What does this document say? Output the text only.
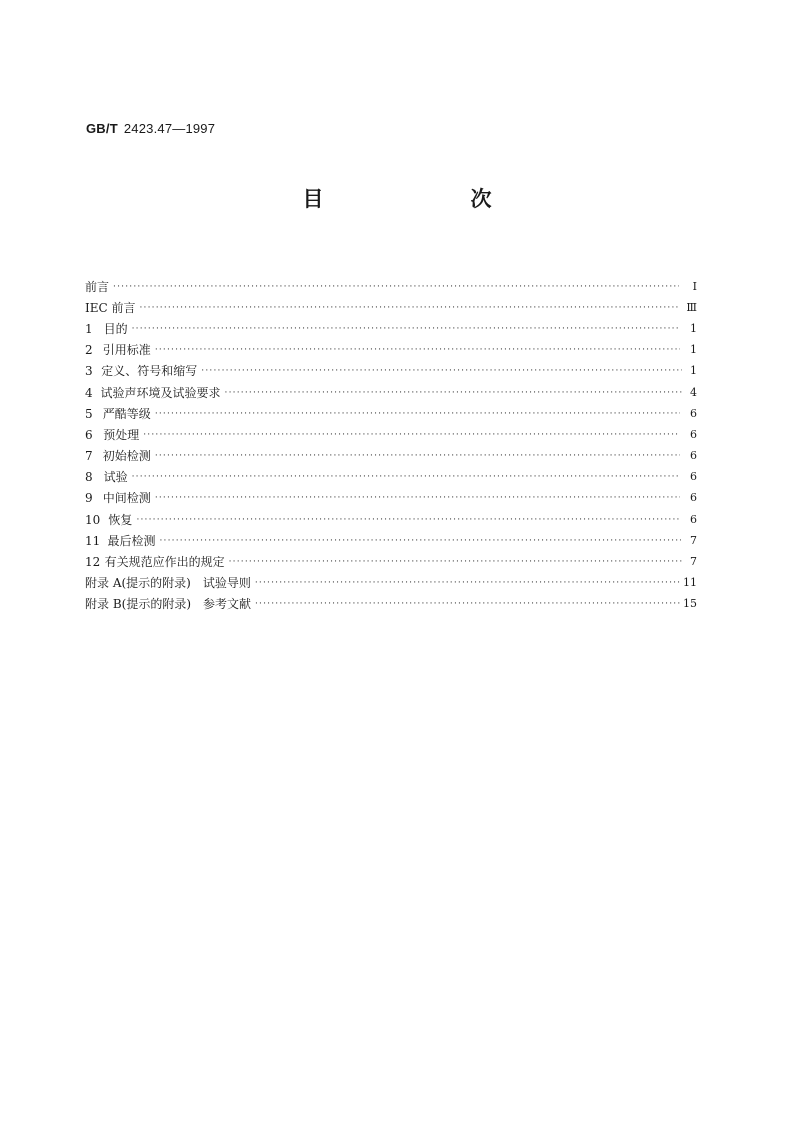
GB/T 2423.47—1997
目	次
前言 ·····	I
IEC 前言 ·····	Ⅲ
1 目的 ·····	1
2 引用标准 ·····	1
3 定义、符号和缩写 ·····	1
4 试验声环境及试验要求 ·····	4
5 严酷等级 ·····	6
6 预处理 ·····	6
7 初始检测 ·····	6
8 试验 ·····	6
9 中间检测 ·····	6
10 恢复 ·····	6
11 最后检测 ·····	7
12 有关规范应作出的规定 ·····	7
附录 A(提示的附录)　试验导则 ·····	11
附录 B(提示的附录)　参考文献 ·····	15
